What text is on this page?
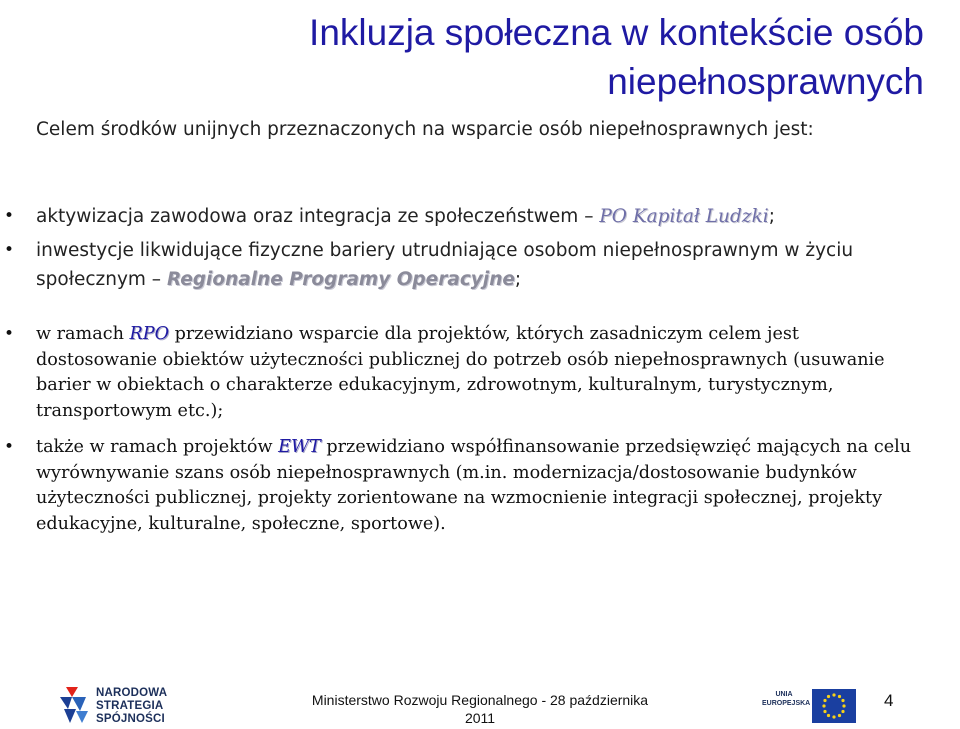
Inkluzja społeczna w kontekście osób niepełnosprawnych
Celem środków unijnych przeznaczonych na wsparcie osób niepełnosprawnych jest:
• aktywizacja zawodowa oraz integracja ze społeczeństwem – PO Kapitał Ludzki;
• inwestycje likwidujące fizyczne bariery utrudniające osobom niepełnosprawnym w życiu społecznym – Regionalne Programy Operacyjne;
• w ramach RPO przewidziano wsparcie dla projektów, których zasadniczym celem jest dostosowanie obiektów użyteczności publicznej do potrzeb osób niepełnosprawnych (usuwanie barier w obiektach o charakterze edukacyjnym, zdrowotnym, kulturalnym, turystycznym, transportowym etc.);
• także w ramach projektów EWT przewidziano współfinansowanie przedsięwzięć mających na celu wyrównywanie szans osób niepełnosprawnych (m.in. modernizacja/dostosowanie budynków użyteczności publicznej, projekty zorientowane na wzmocnienie integracji społecznej, projekty edukacyjne, kulturalne, społeczne, sportowe).
NARODOWA
STRATEGIA SPÓJNOŚCI
Ministerstwo Rozwoju Regionalnego - 28 października 2011
UNIA
EUROPEJSKA	4
